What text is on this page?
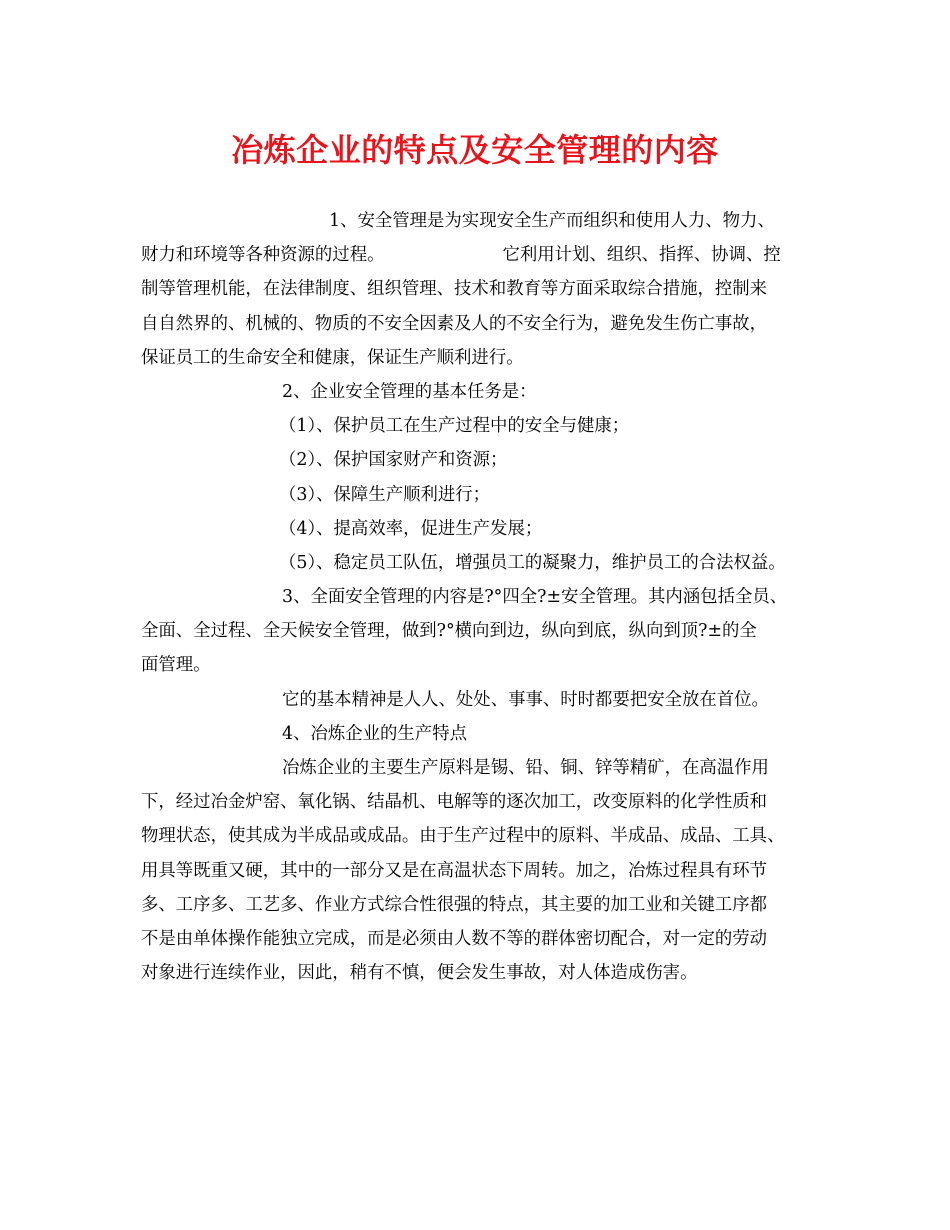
冶炼企业的特点及安全管理的内容
1、安全管理是为实现安全生产而组织和使用人力、物力、
财力和环境等各种资源的过程。	它利用计划、组织、指挥、协调、控
制等管理机能，在法律制度、组织管理、技术和教育等方面采取综合措施，控制来
自自然界的、机械的、物质的不安全因素及人的不安全行为，避免发生伤亡事故，
保证员工的生命安全和健康，保证生产顺利进行。
2、企业安全管理的基本任务是：
（1）、保护员工在生产过程中的安全与健康；
（2）、保护国家财产和资源；
（3）、保障生产顺利进行；
（4）、提高效率，促进生产发展；
（5）、稳定员工队伍，增强员工的凝聚力，维护员工的合法权益。
3、全面安全管理的内容是?°四全?±安全管理。其内涵包括全员、
全面、全过程、全天候安全管理，做到?°横向到边，纵向到底，纵向到顶?±的全
面管理。
它的基本精神是人人、处处、事事、时时都要把安全放在首位。
4、冶炼企业的生产特点
冶炼企业的主要生产原料是锡、铅、铜、锌等精矿，在高温作用
下，经过冶金炉窑、氧化锅、结晶机、电解等的逐次加工，改变原料的化学性质和
物理状态，使其成为半成品或成品。由于生产过程中的原料、半成品、成品、工具、
用具等既重又硬，其中的一部分又是在高温状态下周转。加之，冶炼过程具有环节
多、工序多、工艺多、作业方式综合性很强的特点，其主要的加工业和关键工序都
不是由单体操作能独立完成，而是必须由人数不等的群体密切配合，对一定的劳动
对象进行连续作业，因此，稍有不慎，便会发生事故，对人体造成伤害。
